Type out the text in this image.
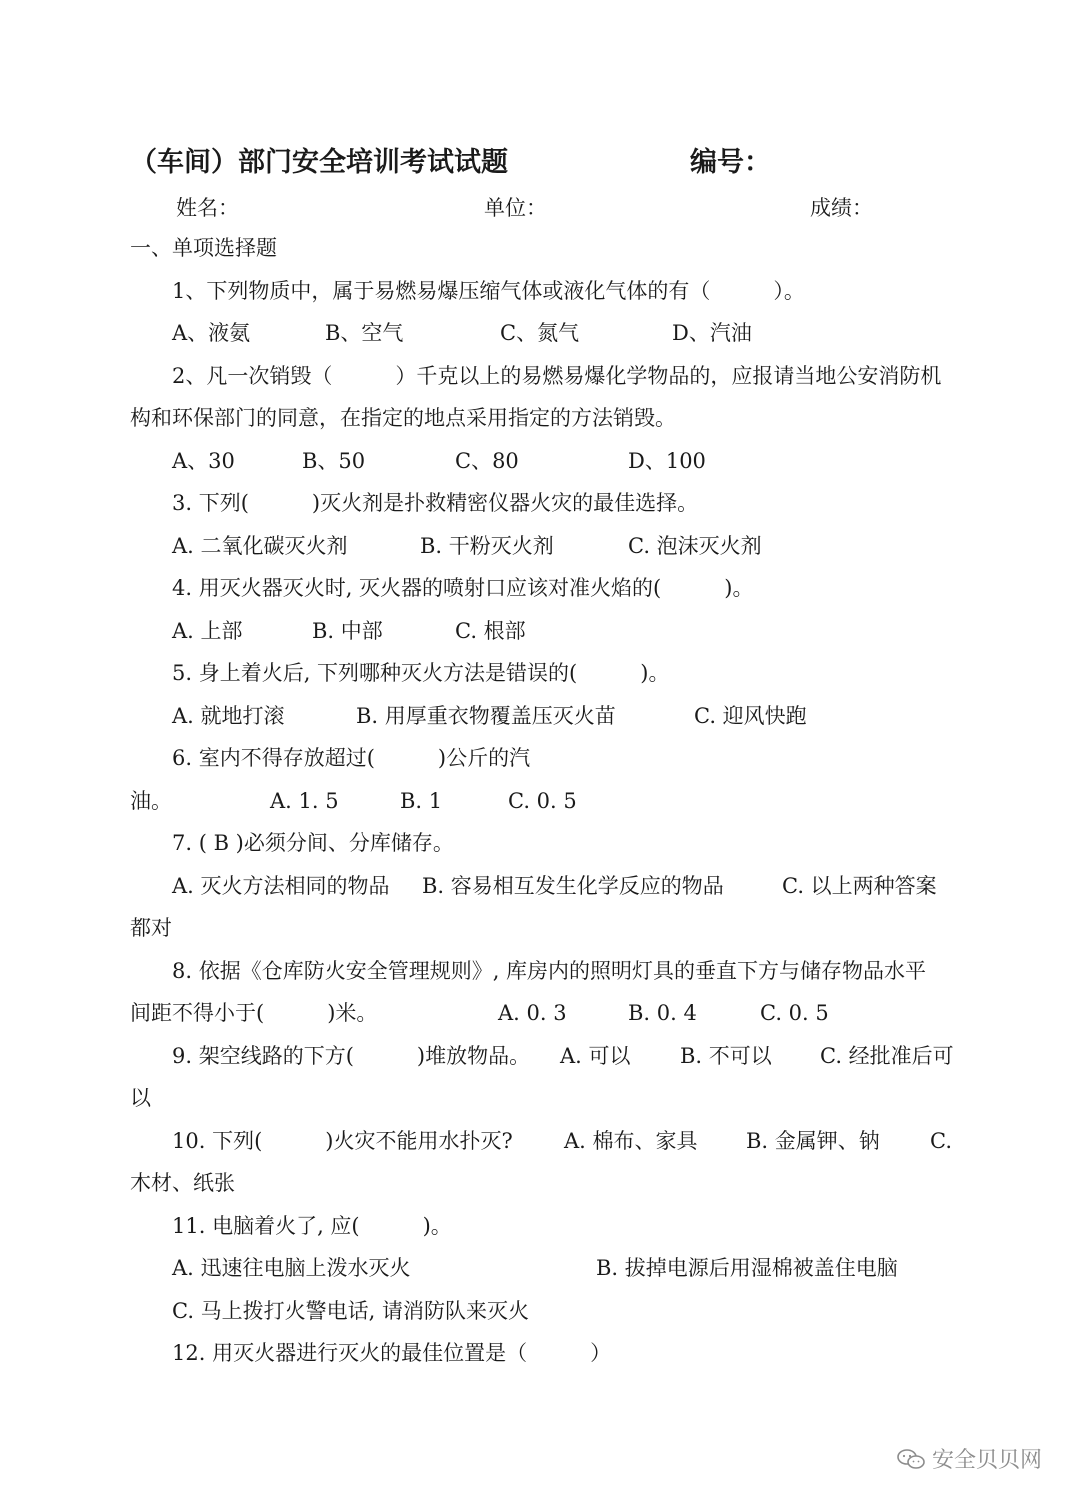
（车间）部门安全培训考试试题	编号：
姓名：	单位：	成绩：
一、单项选择题
1、下列物质中，属于易燃易爆压缩气体或液化气体的有（　　　）。
A、液氨	B、空气	C、氮气	D、汽油
2、凡一次销毁（　　　）千克以上的易燃易爆化学物品的，应报请当地公安消防机
构和环保部门的同意，在指定的地点采用指定的方法销毁。
A、30	B、50	C、80	D、100
3. 下列(　　　)灭火剂是扑救精密仪器火灾的最佳选择。
A. 二氧化碳灭火剂	B. 干粉灭火剂	C. 泡沫灭火剂
4. 用灭火器灭火时, 灭火器的喷射口应该对准火焰的(　　　)。
A. 上部	B. 中部	C. 根部
5. 身上着火后, 下列哪种灭火方法是错误的(　　　)。
A. 就地打滚	B. 用厚重衣物覆盖压灭火苗	C. 迎风快跑
6. 室内不得存放超过(　　　)公斤的汽
油。	A. 1. 5	B. 1	C. 0. 5
7. ( B )必须分间、分库储存。
A. 灭火方法相同的物品 B. 容易相互发生化学反应的物品	C. 以上两种答案
都对
8. 依据《仓库防火安全管理规则》, 库房内的照明灯具的垂直下方与储存物品水平
间距不得小于(　　　)米。	A. 0. 3	B. 0. 4	C. 0. 5
9. 架空线路的下方(　　　)堆放物品。 A. 可以 B. 不可以 C. 经批准后可
以
10. 下列(　　　)火灾不能用水扑灭? A. 棉布、家具 B. 金属钾、钠 C.
木材、纸张
11. 电脑着火了, 应(　　　)。
A. 迅速往电脑上泼水灭火	B. 拔掉电源后用湿棉被盖住电脑
C. 马上拨打火警电话, 请消防队来灭火
12. 用灭火器进行灭火的最佳位置是（　　　）
安全贝贝网
